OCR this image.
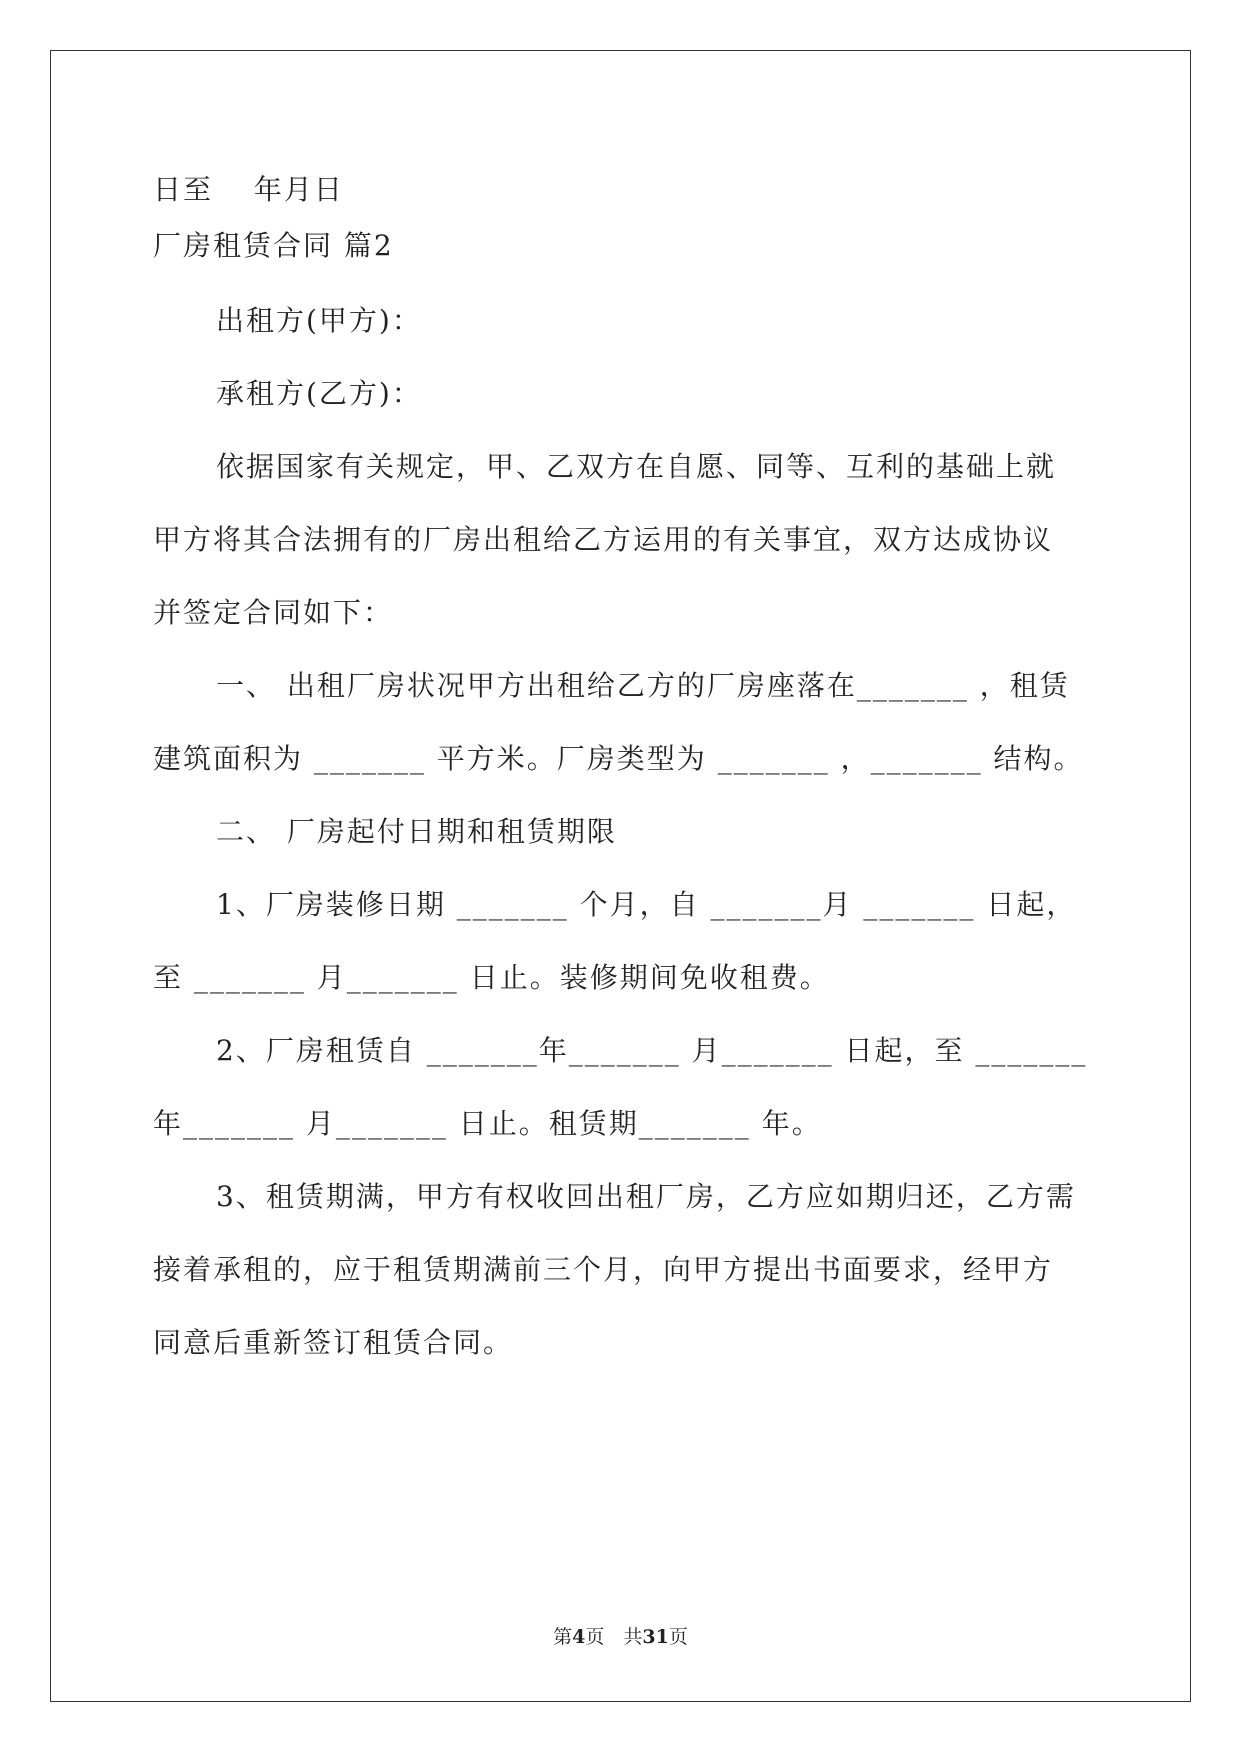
日至　 年月日
厂房租赁合同 篇2
出租方(甲方)：
承租方(乙方)：
依据国家有关规定，甲、乙双方在自愿、同等、互利的基础上就
甲方将其合法拥有的厂房出租给乙方运用的有关事宜，双方达成协议
并签定合同如下：
一、 出租厂房状况甲方出租给乙方的厂房座落在_______ ，租赁
建筑面积为 _______ 平方米。厂房类型为 _______ ，_______ 结构。
二、 厂房起付日期和租赁期限
1、厂房装修日期 _______ 个月，自 _______月 _______ 日起，
至 _______ 月_______ 日止。装修期间免收租费。
2、厂房租赁自 _______年_______ 月_______ 日起，至 _______
年_______ 月_______ 日止。租赁期_______ 年。
3、租赁期满，甲方有权收回出租厂房，乙方应如期归还，乙方需
接着承租的，应于租赁期满前三个月，向甲方提出书面要求，经甲方
同意后重新签订租赁合同。
第4页　共31页
